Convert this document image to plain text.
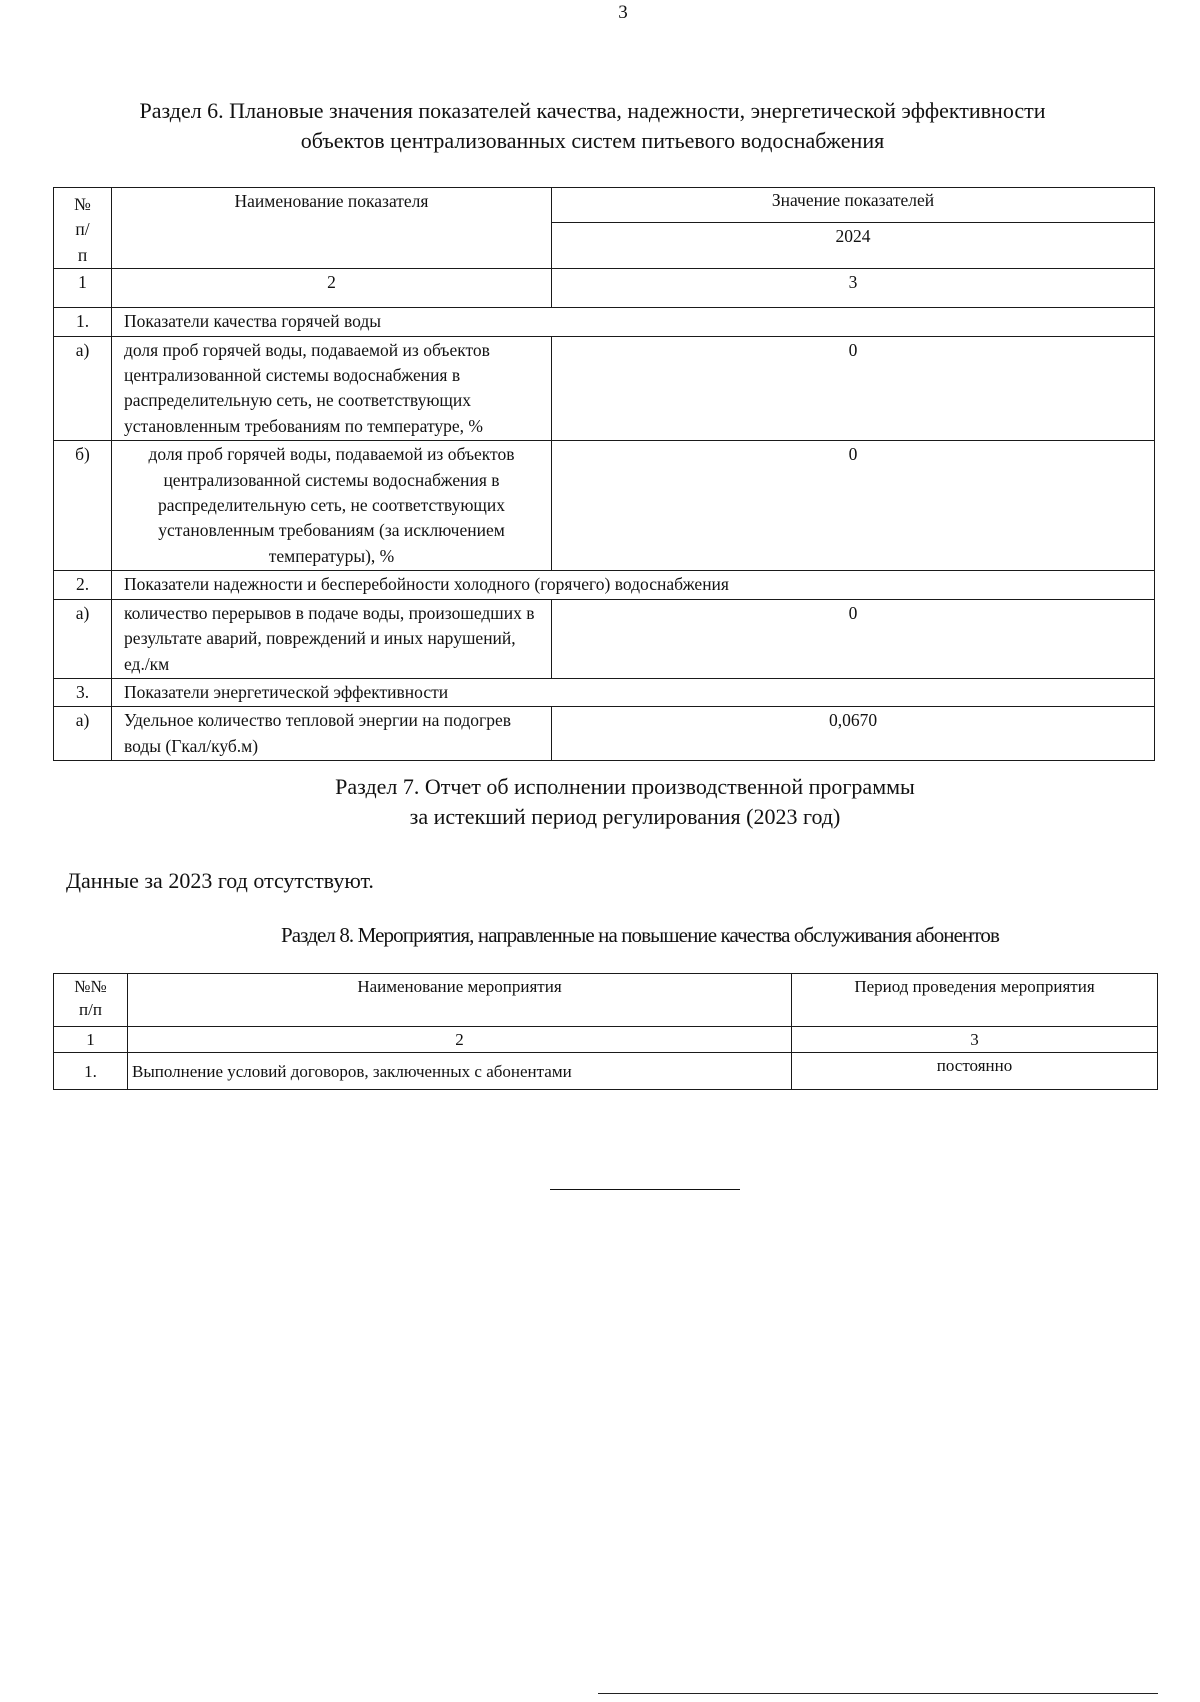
3
Раздел 6. Плановые значения показателей качества, надежности, энергетической эффективности
объектов централизованных систем питьевого водоснабжения
№ п/п	Наименование показателя	Значение показателей
		2024
1	2	3
1.	Показатели качества горячей воды	
а)	доля проб горячей воды, подаваемой из объектов централизованной системы водоснабжения в распределительную сеть, не соответствующих установленным требованиям по температуре, %	0
б)	доля проб горячей воды, подаваемой из объектов централизованной системы водоснабжения в распределительную сеть, не соответствующих установленным требованиям (за исключением температуры), %	0
2.	Показатели надежности и бесперебойности холодного (горячего) водоснабжения	
а)	количество перерывов в подаче воды, произошедших в результате аварий, повреждений и иных нарушений, ед./км	0
3.	Показатели энергетической эффективности	
а)	Удельное количество тепловой энергии на подогрев воды (Гкал/куб.м)	0,0670
Раздел 7. Отчет об исполнении производственной программы
за истекший период регулирования (2023 год)
Данные за 2023 год отсутствуют.
Раздел 8. Мероприятия, направленные на повышение качества обслуживания абонентов
№№ п/п	Наименование мероприятия	Период проведения мероприятия
1	2	3
1.	Выполнение условий договоров, заключенных с абонентами	постоянно
